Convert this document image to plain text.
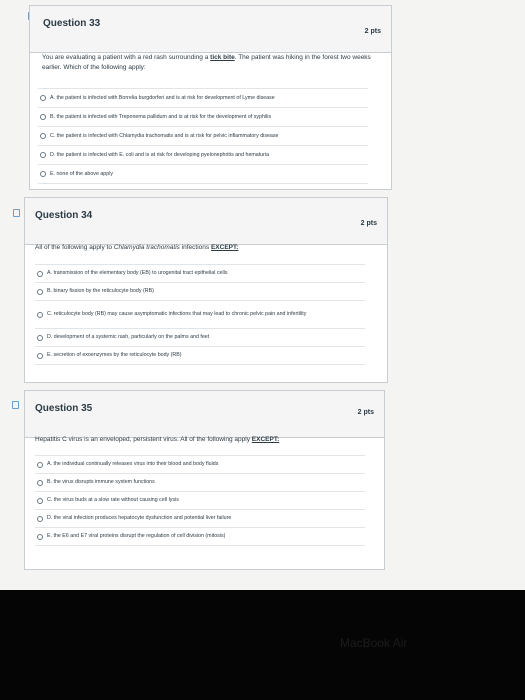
Question 33
2 pts
You are evaluating a patient with a red rash surrounding a tick bite. The patient was hiking in the forest two weeks earlier. Which of the following apply:
A. the patient is infected with Borrelia burgdorferi and is at risk for development of Lyme disease
B. the patient is infected with Treponema pallidum and is at risk for the development of syphilis
C. the patient is infected with Chlamydia trachomatis and is at risk for pelvic inflammatory disease
D. the patient is infected with E. coli and is at risk for developing pyelonephritis and hematuria
E. none of the above apply
Question 34
2 pts
All of the following apply to Chlamydia trachomatis infections EXCEPT:
A. transmission of the elementary body (EB) to urogenital tract epithelial cells
B. binary fission by the reticulocyte body (RB)
C. reticulocyte body (RB) may cause asymptomatic infections that may lead to chronic pelvic pain and infertility
D. development of a systemic rash, particularly on the palms and feet
E. secretion of exoenzymes by the reticulocyte body (RB)
Question 35	2 pts
Hepatitis C virus is an enveloped, persistent virus. All of the following apply EXCEPT:
A. the individual continually releases virus into their blood and body fluids
B. the virus disrupts immune system functions
C. the virus buds at a slow rate without causing cell lysis
D. the viral infection produces hepatocyte dysfunction and potential liver failure
E. the E6 and E7 viral proteins disrupt the regulation of cell division (mitosis)
MacBook Air
